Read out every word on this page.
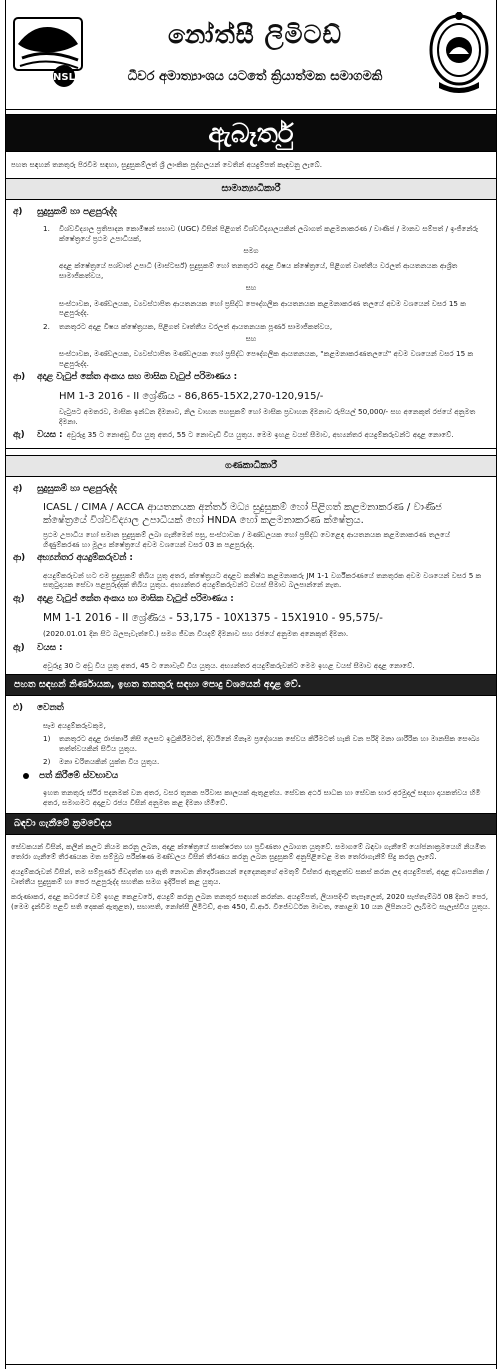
NSL
නෝත්සී ලිමිටඩ්
ධීවර අමාත්‍යාංශය යටතේ ක්‍රියාත්මක සමාගමකි
ඇබෑර්තු

පහත සඳහන් තනතුරු පිරවීම සඳහා, සුදුසුකම්ලත් ශ්‍රී ලාංකික පුද්ගලයන් වෙතින් අයදුම්පත් කැඳවනු ලැබේ.

සාමාන්‍යාධිකාරී
අ)	සුදුසුකම් හා පළපුරුද්ද
1.	විශ්වවිද්‍යාල ප්‍රතිපාදන කොමිෂන් සභාව (UGC) විසින් පිළිගත් විශ්වවිද්‍යාලයකින් ලබාගත් කළමනාකරණ / වාණිජ / මානව සම්පත් / ඉංජිනේරු ක්ෂේත්‍රයේ ප්‍රථම උපාධියක්,
සමග

අදාළ ක්ෂේත්‍රයේ පශ්චාත් උපාධි (මාස්ටර්ස්) සුදුසුකම් හෝ තනතුරට අදාළ විෂය ක්ෂේත්‍රයේ, පිළිගත් වෘත්තීය වරලත් ආයතනයක ආශ්‍රිත සාමාජිකත්වය,

සහ

සංස්ථාවක, මණ්ඩලයක, ව්‍යවස්ථාපිත ආයතනයක හෝ ප්‍රසිද්ධ පෞද්ගලික ආයතනයක කළමනාකරණ තලයේ අවම වශයෙන් වසර 15 ක පළපුරුද්ද.

2.	තනතුරට අදාළ විෂය ක්ෂේත්‍රයක, පිළිගත් වෘත්තීය වරලත් ආයතනයක පූර්ණ සාමාජිකත්වය,
සහ

සංස්ථාවක, මණ්ඩලයක, ව්‍යවස්ථාපිත මණ්ඩලයක හෝ ප්‍රසිද්ධ පෞද්ගලික ආයතනයක, "කළමනාකරණතලයේ" අවම වශයෙන් වසර 15 ක පළපුරුද්ද.

ආ)	අදාළ වැටුප් කේත අංකය සහ මාසික වැටුප් පරිමාණය :
HM 1-3 2016 - II ශ්‍රේණිය - 86,865-15X2,270-120,915/-

වැටුපට අමතරව, මාසික ඉන්ධන දීමනාව, නිල වාහන පහසුකම් හෝ මාසික ප්‍රවාහන දීමනාව රුපියල් 50,000/- සහ අනෙකුත් රජයේ අනුමත දීමනා.

ඇ)	වයස : අවුරුදු 35 ට නොඅඩු විය යුතු අතර, 55 ට නොවැඩි විය යුතුය. මෙම ඉහළ වයස් සීමාව, අභ්‍යන්තර අයදුම්කරුවන්ට අදාළ නොවේ.
ගණකාධිකාරී
අ)	සුදුසුකම් හා පළපුරුද්ද

ICASL / CIMA / ACCA ආයතනයක අන්තර් මධ්‍ය සුදුසුකම් හෝ පිළිගත් කළමනාකරණ / වාණිජ ක්ෂේත්‍රයේ විශ්වවිද්‍යාල උපාධියක් හෝ HNDA හෝ කළමනාකරණ ක්ෂේත්‍රය.

ප්‍රථම උපාධිය හෝ සමාන සුදුසුකම් ලබා ගැනීමෙන් පසු, සංස්ථාවක / මණ්ඩලයක හෝ ප්‍රසිද්ධ වෙළෙඳ ආයතනයක කළමනාකරණ තලයේ ගිණුම්කරණ හා මූල්‍ය ක්ෂේත්‍රයේ අවම වශයෙන් වසර 03 ක පළපුරුද්ද.

ආ)	අභ්‍යන්තර අයදුම්කරුවන් :

අයදුම්කරුවන් හට එම සුදුසුකම් තිබිය යුතු අතර, ක්ෂේත්‍රයට අදාළව කනිෂ්ඨ කළමනාකරු JM 1-1 වර්ගීකරණයේ තනතුරක අවම වශයෙන් වසර 5 ක සතුටුදායක සේවා පළපුරුද්දක් තිබිය යුතුය. අභ්‍යන්තර අයදුම්කරුවන්ට වයස් සීමාව බලපාන්නේ නැත.

ඇ)	අදාළ වැටුප් කේත අංකය හා මාසික වැටුප් පරිමාණය :
MM 1-1 2016 - II ශ්‍රේණිය - 53,175 - 10X1375 - 15X1910 - 95,575/-

(2020.01.01 දින සිට බලපැවැත්වේ.) සමග ජීවන වියදම් දීමනාව සහ රජයේ අනුමත අනෙකුත් දීමනා.

ඇ)	වයස :

අවුරුදු 30 ට අඩු විය යුතු අතර, 45 ට නොවැඩි විය යුතුය. අභ්‍යන්තර අයදුම්කරුවන්ට මෙම ඉහළ වයස් සීමාව අදාළ නොවේ.

පහත සඳහන් නිර්ණායක, ඉහත තනතුරු සඳහා පොදු වශයෙන් අදාළ වේ.
එ)	වෙනත්

සෑම අයදුම්කරුවකුම,

1)	තනතුරට අදාළ රාජකාරී නිසි ලෙසට ඉටුකිරීමටත්, දිවයිනේ ඕනෑම ප්‍රදේශයක සේවය කිරීමටත් හැකි වන පරිදි මනා ශාරීරික හා මානසික සෞඛ්‍ය තත්ත්වයකින් සිටිය යුතුය.
2)	මනා චරිතයකින් යුක්ත විය යුතුය.
පත් කිරීමේ ස්වභාවය

ඉහත තනතුරු ස්ථිර පදනමක් වන අතර, වසර තුනක පරිවාස කාලයක් ඇතුළත්ය. සේවක අර්ථ සාධක හා සේවක භාර අරමුදල් සඳහා දායකත්වය හිමි අතර, සමාගමට අදාළව රජය විසින් අනුමත කළ දීමනා හිමිවේ.

බඳවා ගැනීමේ ක්‍රමවේදය

සේවකයන් විසින්, කලින් කලට නියම කරනු ලබන, අදාළ ක්ෂේත්‍රයේ සාක්ෂරතා හා ප්‍රවීණතා ලබාගත යුතුවේ. සමාගමේ බඳවා ගැනීමේ යෝජනාක්‍රමයෙහි නියමිත තෝරා ගැනීමේ තීරණයක මත සම්මුඛ පරීක්ෂණ මණ්ඩලය විසින් තීරණය කරනු ලබන සුදුසුකම් අනුපිළිවෙළ මත තෝරාගැනීම් සිදු කරනු ලැබේ.

අයදුම්කරුවන් විසින්, තම සම්පූර්ණ ජීවදත්ත හා ඇති නොවන නිර්දේශකයන් දෙදෙනකුගේ අමතුම් විස්තර ඇතුළත්ව සකස් කරන ලද අයදුම්පත්, අදාළ අධ්‍යාපනික / වෘත්තීය සුදුසුකම් හා පෙර පළපුරුද්ද සහතික සමග ඉදිරිපත් කළ යුතුය.

කරුණාකර, අදාළ කවරයේ වම් ඉහළ කෙළවරේ, අයදුම් කරනු ලබන තනතුර සඳහන් කරන්න. අයදුම්පත්, ලියාපදිංචි තැපෑලෙන්, 2020 සැප්තැම්බර් 08 දිනට පෙර, (මෙම දැන්වීම පළවී සති දෙකක් ඇතුළත), සභාපති, නෝත්සී ලිමිටඩ්, අංක 450, ඩී.ආර්. විජේවර්ධන මාවත, කොළඹ 10 යන ලිපිනයට ලැබීමට සැලැස්විය යුතුය.
